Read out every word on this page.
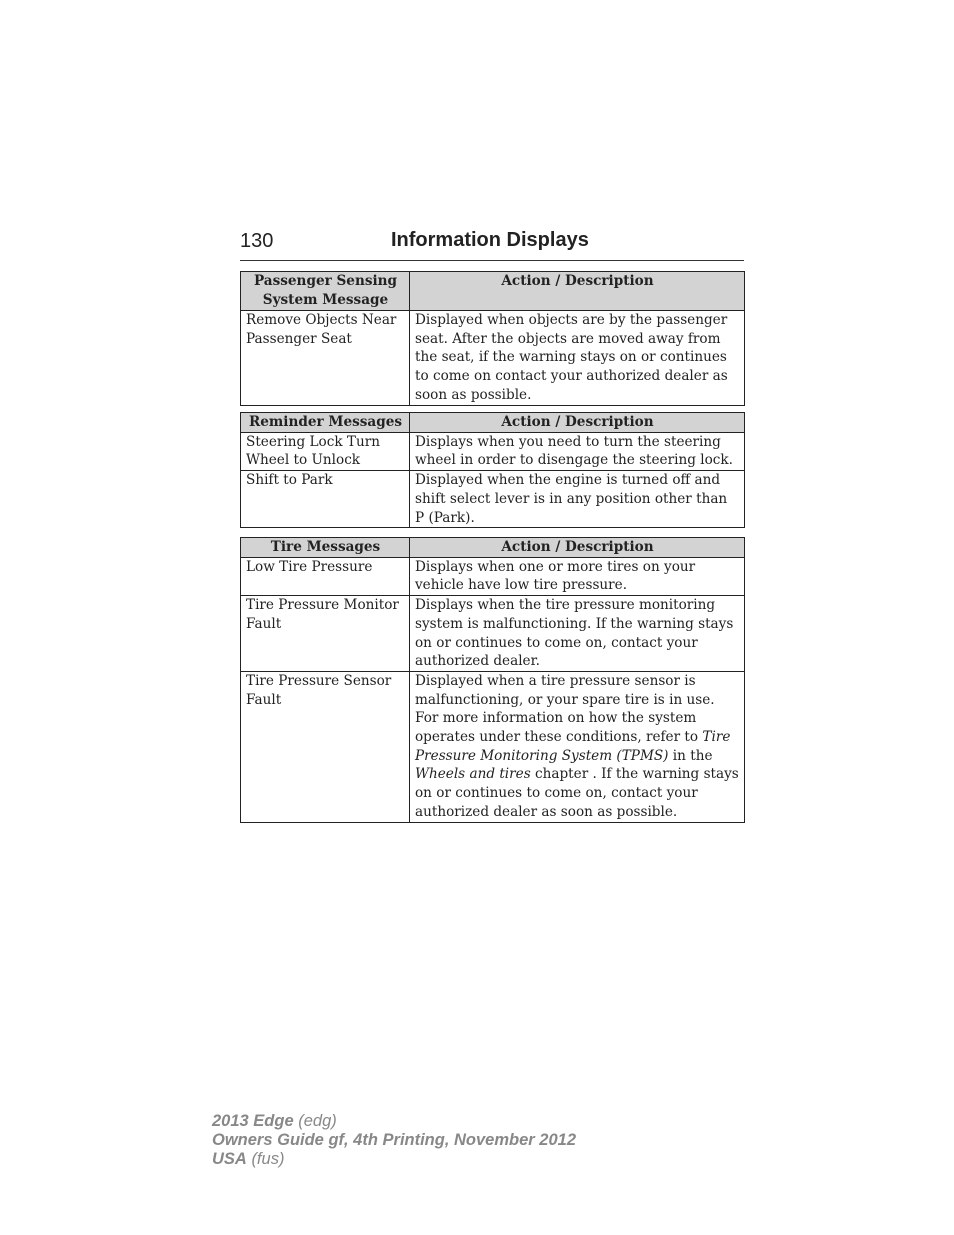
130	Information Displays
Passenger Sensing System Message	Action / Description
Remove Objects Near Passenger Seat	Displayed when objects are by the passenger seat. After the objects are moved away from the seat, if the warning stays on or continues to come on contact your authorized dealer as soon as possible.
Reminder Messages	Action / Description
Steering Lock Turn Wheel to Unlock	Displays when you need to turn the steering wheel in order to disengage the steering lock.
Shift to Park	Displayed when the engine is turned off and shift select lever is in any position other than P (Park).
Tire Messages	Action / Description
Low Tire Pressure	Displays when one or more tires on your vehicle have low tire pressure.
Tire Pressure Monitor Fault	Displays when the tire pressure monitoring system is malfunctioning. If the warning stays on or continues to come on, contact your authorized dealer.
Tire Pressure Sensor Fault	Displayed when a tire pressure sensor is malfunctioning, or your spare tire is in use. For more information on how the system operates under these conditions, refer to Tire Pressure Monitoring System (TPMS) in the Wheels and tires chapter . If the warning stays on or continues to come on, contact your authorized dealer as soon as possible.
2013 Edge (edg)
Owners Guide gf, 4th Printing, November 2012
USA (fus)
